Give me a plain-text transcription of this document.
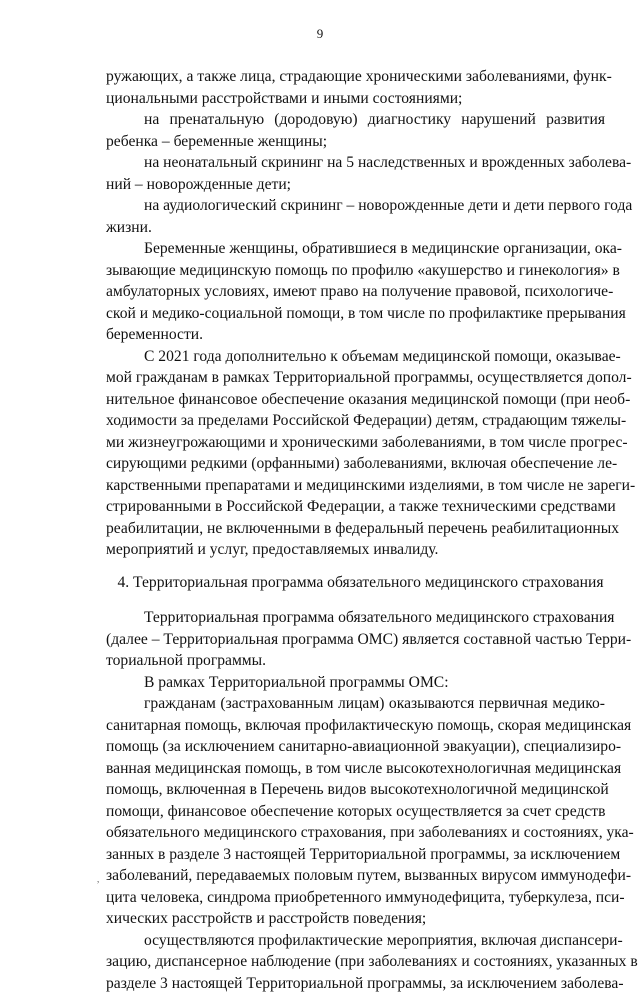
9
ружающих, а также лица, страдающие хроническими заболеваниями, функ-
циональными расстройствами и иными состояниями;
на пренатальную (дородовую) диагностику нарушений развития
ребенка – беременные женщины;
на неонатальный скрининг на 5 наследственных и врожденных заболева-
ний – новорожденные дети;
на аудиологический скрининг – новорожденные дети и дети первого года
жизни.
Беременные женщины, обратившиеся в медицинские организации, ока-
зывающие медицинскую помощь по профилю «акушерство и гинекология» в
амбулаторных условиях, имеют право на получение правовой, психологиче-
ской и медико-социальной помощи, в том числе по профилактике прерывания
беременности.
С 2021 года дополнительно к объемам медицинской помощи, оказывае-
мой гражданам в рамках Территориальной программы, осуществляется допол-
нительное финансовое обеспечение оказания медицинской помощи (при необ-
ходимости за пределами Российской Федерации) детям, страдающим тяжелы-
ми жизнеугрожающими и хроническими заболеваниями, в том числе прогрес-
сирующими редкими (орфанными) заболеваниями, включая обеспечение ле-
карственными препаратами и медицинскими изделиями, в том числе не зареги-
стрированными в Российской Федерации, а также техническими средствами
реабилитации, не включенными в федеральный перечень реабилитационных
мероприятий и услуг, предоставляемых инвалиду.
4. Территориальная программа обязательного медицинского страхования
Территориальная программа обязательного медицинского страхования
(далее – Территориальная программа ОМС) является составной частью Терри-
ториальной программы.
В рамках Территориальной программы ОМС:
гражданам (застрахованным лицам) оказываются первичная медико-
санитарная помощь, включая профилактическую помощь, скорая медицинская
помощь (за исключением санитарно-авиационной эвакуации), специализиро-
ванная медицинская помощь, в том числе высокотехнологичная медицинская
помощь, включенная в Перечень видов высокотехнологичной медицинской
помощи, финансовое обеспечение которых осуществляется за счет средств
обязательного медицинского страхования, при заболеваниях и состояниях, ука-
занных в разделе 3 настоящей Территориальной программы, за исключением
заболеваний, передаваемых половым путем, вызванных вирусом иммунодефи-
цита человека, синдрома приобретенного иммунодефицита, туберкулеза, пси-
хических расстройств и расстройств поведения;
осуществляются профилактические мероприятия, включая диспансери-
зацию, диспансерное наблюдение (при заболеваниях и состояниях, указанных в
разделе 3 настоящей Территориальной программы, за исключением заболева-
,
